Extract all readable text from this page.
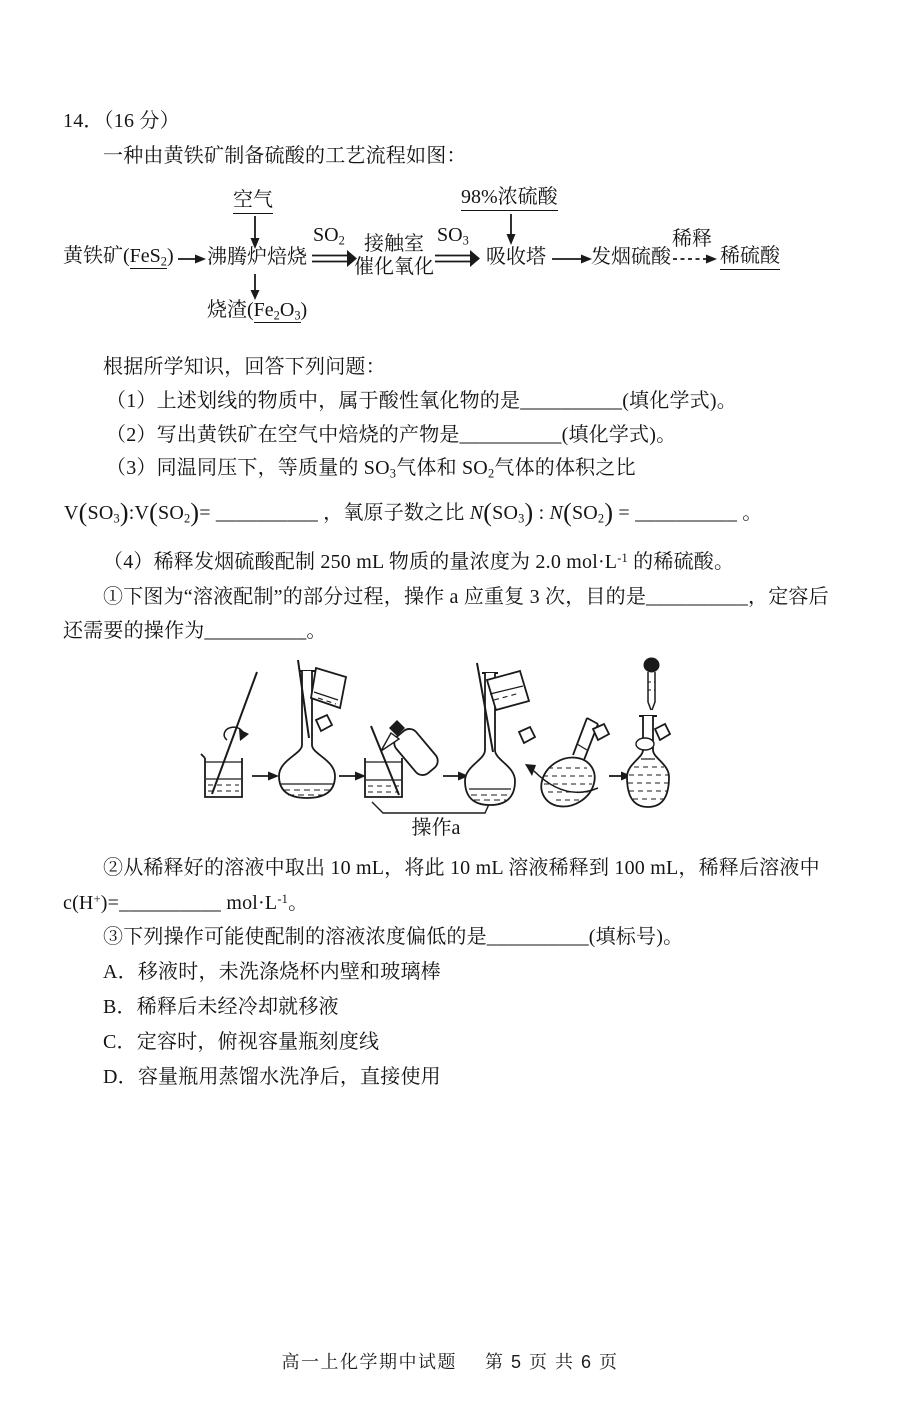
14．（16 分）
一种由黄铁矿制备硫酸的工艺流程如图：
空气	98%浓硫酸
黄铁矿(FeS$_2$) 沸腾炉焙烧
$SO_2$ 接触室
催化氧化
$SO_3$
吸收塔 发烟硫酸
稀释
稀硫酸
烧渣$(Fe_2O_3)$
根据所学知识，回答下列问题：
（1）上述划线的物质中，属于酸性氧化物的是__________(填化学式)。
（2）写出黄铁矿在空气中焙烧的产物是__________(填化学式)。
（3）同温同压下，等质量的 $SO_3$气体和 $SO_2$气体的体积之比
$V(SO_3):V(SO_2)=$ __________ ，氧原子数之比 $N(SO_3)$ : $N(SO_2)$ = __________ 。
（4）稀释发烟硫酸配制 250 mL 物质的量浓度为 2.0 $mol\cdot L^{-1}$ 的稀硫酸。
①下图为“溶液配制”的部分过程，操作 a 应重复 3 次，目的是__________，定容后
还需要的操作为__________。
操作a
②从稀释好的溶液中取出 10 mL，将此 10 mL 溶液稀释到 100 mL，稀释后溶液中
c(H+)=__________ $mol\cdot L^{-1}$。
③下列操作可能使配制的溶液浓度偏低的是__________(填标号)。
A．移液时，未洗涤烧杯内壁和玻璃棒
B．稀释后未经冷却就移液
C．定容时，俯视容量瓶刻度线
D．容量瓶用蒸馏水洗净后，直接使用
高一上化学期中试题 第 5 页 共 6 页
